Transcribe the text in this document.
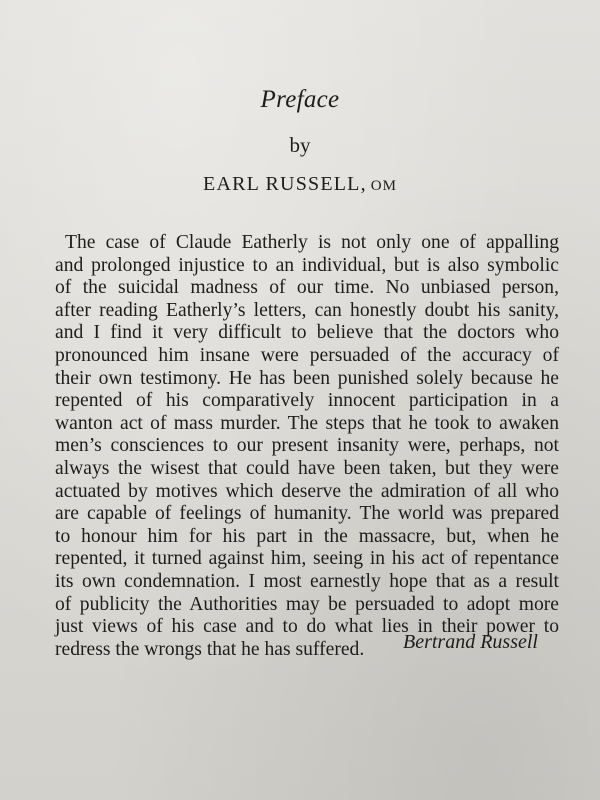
Preface
by
EARL RUSSELL, OM
The case of Claude Eatherly is not only one of appalling
and prolonged injustice to an individual, but is also symbolic
of the suicidal madness of our time. No unbiased person,
after reading Eatherly’s letters, can honestly doubt his sanity,
and I find it very difficult to believe that the doctors who
pronounced him insane were persuaded of the accuracy of
their own testimony. He has been punished solely because he
repented of his comparatively innocent participation in a
wanton act of mass murder. The steps that he took to awaken
men’s consciences to our present insanity were, perhaps, not
always the wisest that could have been taken, but they were
actuated by motives which deserve the admiration of all who
are capable of feelings of humanity. The world was prepared
to honour him for his part in the massacre, but, when he
repented, it turned against him, seeing in his act of repentance
its own condemnation. I most earnestly hope that as a result
of publicity the Authorities may be persuaded to adopt more
just views of his case and to do what lies in their power to
redress the wrongs that he has suffered.	Bertrand Russell
